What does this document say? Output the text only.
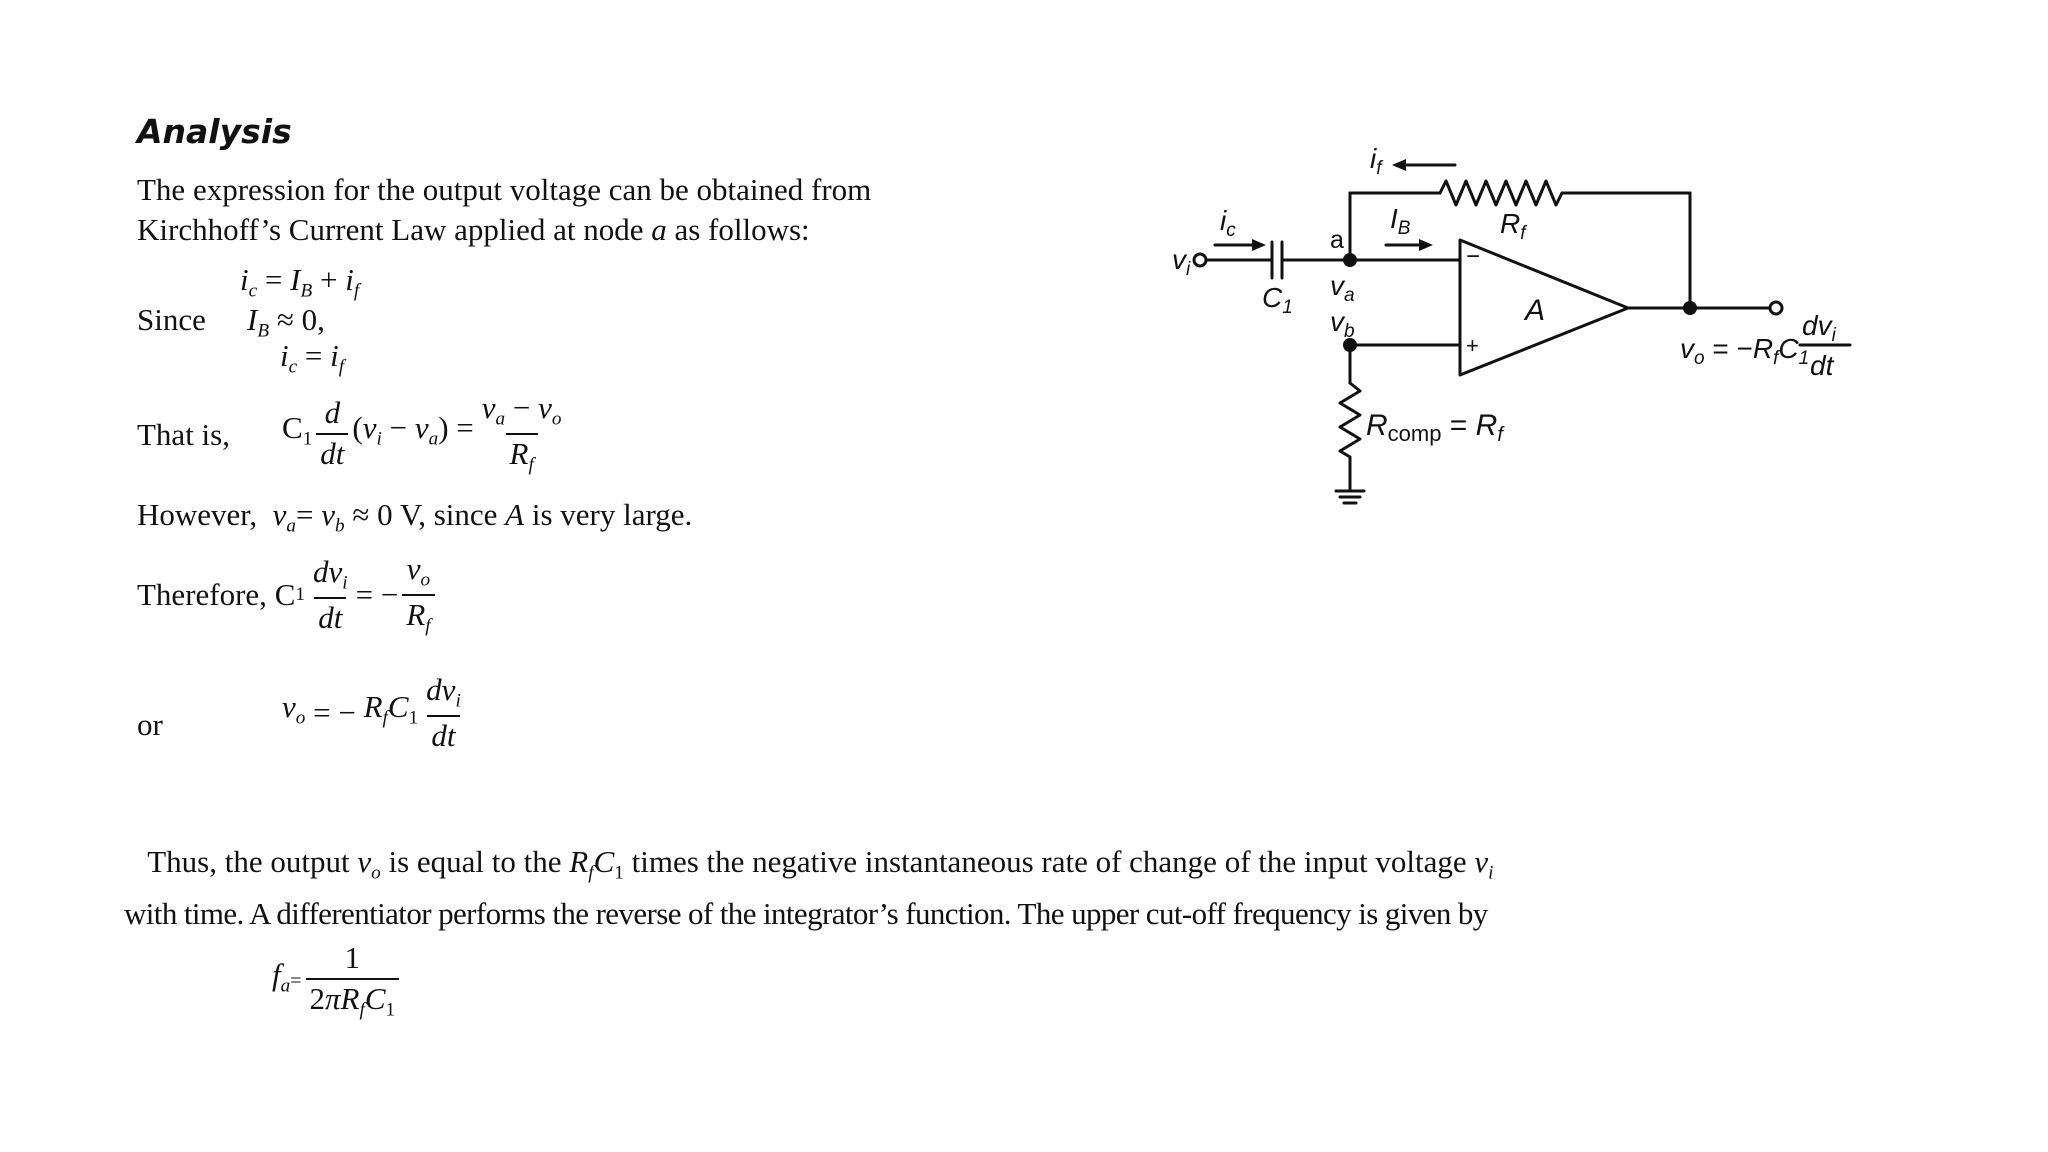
Analysis
The expression for the output voltage can be obtained from
Kirchhoff’s Current Law applied at node a as follows:
$i_c = I_B + i_f$
Since $I_B \approx 0$,
$i_c = i_f$
That is, $C_1 \frac{d}{dt} (v_i - v_a) = \frac{v_a - v_o}{R_f}$
However, $v_a= v_b \approx 0$ V, since A is very large.
Therefore, C $1 \frac{dv_i}{dt}$ = − $\frac{v_o}{R_f}$
or
$v_o$ = − $R_fC_1 \frac{dv_i}{dt}$
Thus, the output $v_o$ is equal to the $R_fC_1$ times the negative instantaneous rate of change of the input voltage $v_i$
with time. A differentiator performs the reverse of the integrator’s function. The upper cut-off frequency is given by
$f_a = \frac{1}{2\pi R_fC_1}$
$v_i$
$i_c$
$C_1$
a
$v_a$
$v_b$
$I_B$
$i_f$
$R_f$
A
−
+
$R_{comp} = R_f$
$v_o = -R_fC_1$
$dv_i$
dt
